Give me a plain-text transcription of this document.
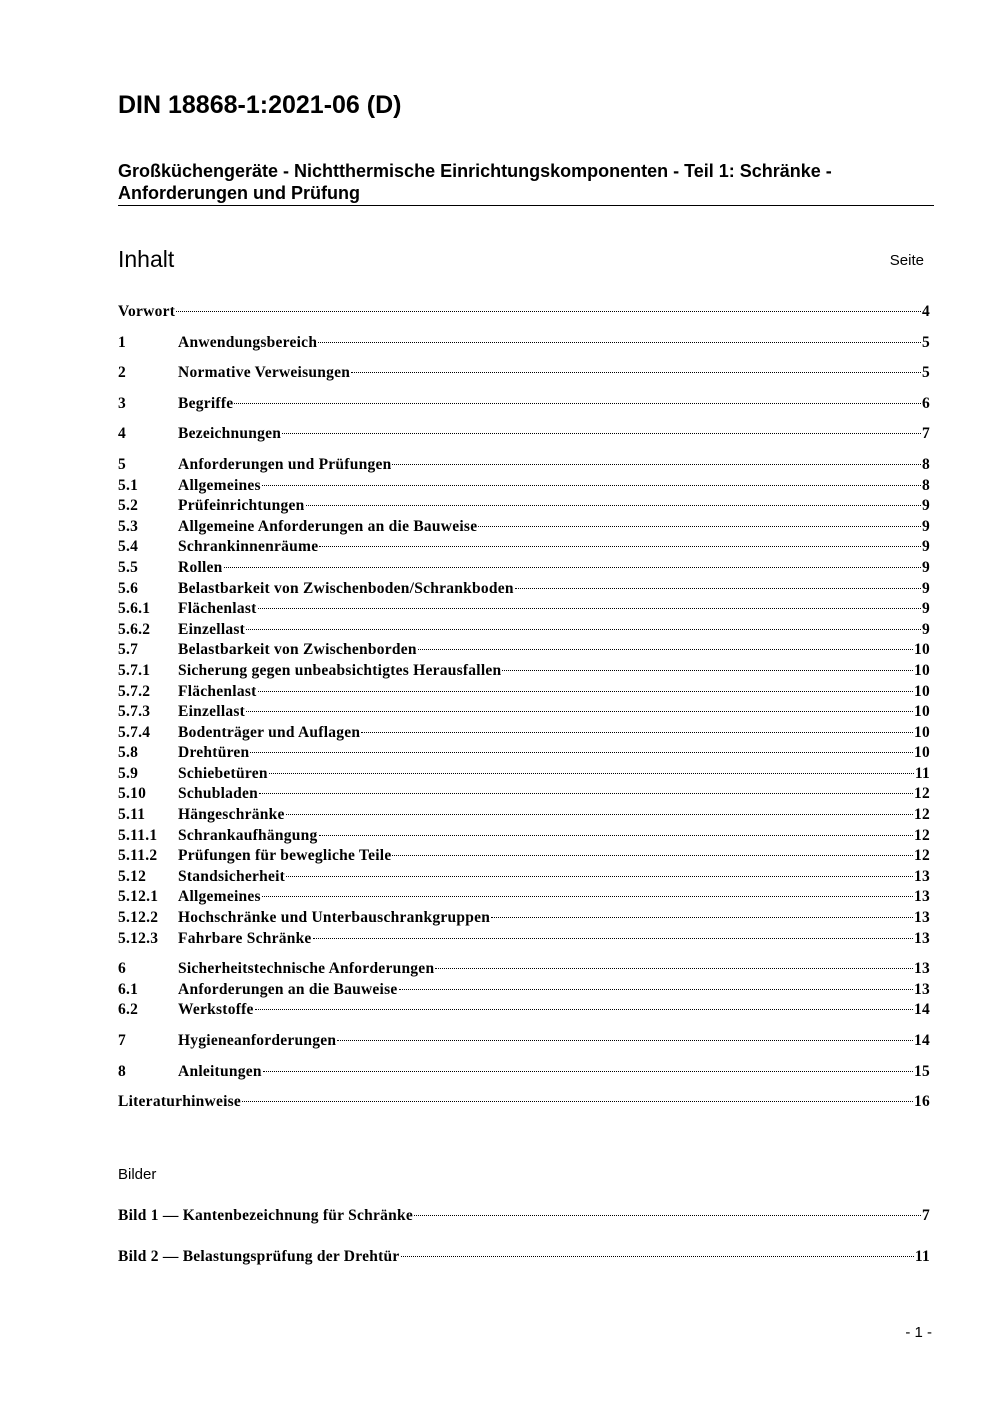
DIN 18868-1:2021-06 (D)
Großküchengeräte - Nichtthermische Einrichtungskomponenten - Teil 1: Schränke -
Anforderungen und Prüfung
Inhalt	Seite
Vorwort	4
1	Anwendungsbereich	5
2	Normative Verweisungen	5
3	Begriffe	6
4	Bezeichnungen	7
5	Anforderungen und Prüfungen	8
5.1	Allgemeines	8
5.2	Prüfeinrichtungen	9
5.3	Allgemeine Anforderungen an die Bauweise	9
5.4	Schrankinnenräume	9
5.5	Rollen	9
5.6	Belastbarkeit von Zwischenboden/Schrankboden	9
5.6.1	Flächenlast	9
5.6.2	Einzellast	9
5.7	Belastbarkeit von Zwischenborden	10
5.7.1	Sicherung gegen unbeabsichtigtes Herausfallen	10
5.7.2	Flächenlast	10
5.7.3	Einzellast	10
5.7.4	Bodenträger und Auflagen	10
5.8	Drehtüren	10
5.9	Schiebetüren	11
5.10	Schubladen	12
5.11	Hängeschränke	12
5.11.1	Schrankaufhängung	12
5.11.2	Prüfungen für bewegliche Teile	12
5.12	Standsicherheit	13
5.12.1	Allgemeines	13
5.12.2	Hochschränke und Unterbauschrankgruppen	13
5.12.3	Fahrbare Schränke	13
6	Sicherheitstechnische Anforderungen	13
6.1	Anforderungen an die Bauweise	13
6.2	Werkstoffe	14
7	Hygieneanforderungen	14
8	Anleitungen	15
Literaturhinweise	16
Bilder
Bild 1 — Kantenbezeichnung für Schränke	7
Bild 2 — Belastungsprüfung der Drehtür	11
- 1 -
